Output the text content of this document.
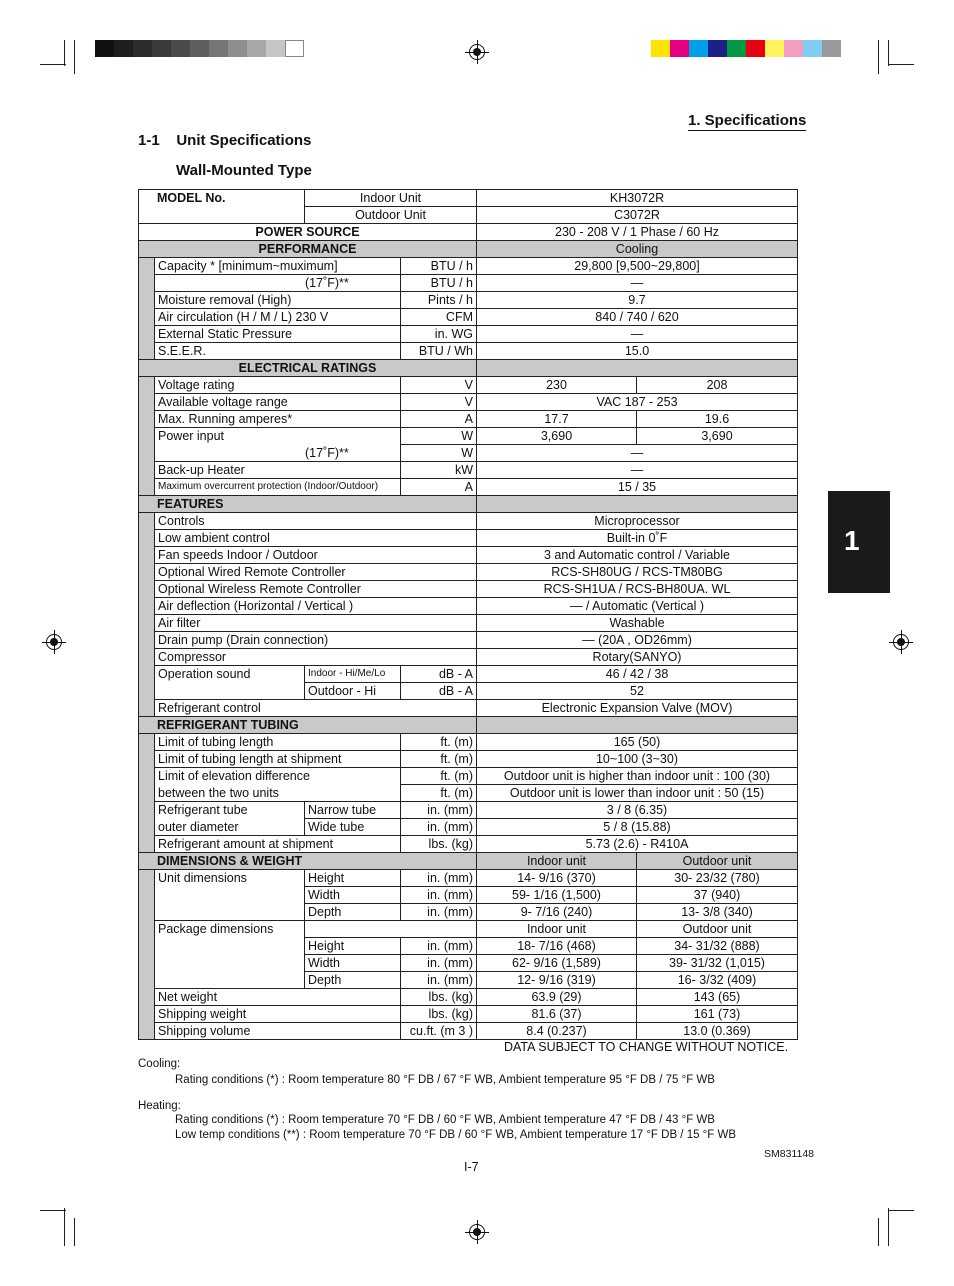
1. Specifications
1-1    Unit Specifications
Wall-Mounted Type
1
MODEL No.		Indoor Unit		KH3072R	
		Outdoor Unit		C3072R	
POWER SOURCE				230 - 208 V / 1 Phase / 60 Hz	
PERFORMANCE				Cooling	
	Capacity * [minimum~muximum]		BTU / h	29,800 [9,500~29,800]	
	(17˚F)**		BTU / h	—	
	Moisture removal (High)		Pints / h	9.7	
	Air circulation (H / M / L) 230 V		CFM	840 / 740 / 620	
	External Static Pressure		in. WG	—	
	S.E.E.R.		BTU / Wh	15.0	
ELECTRICAL RATINGS					
	Voltage rating		V	230	208
	Available voltage range		V	VAC 187 - 253	
	Max. Running amperes*		A	17.7	19.6
	Power input		W	3,690	3,690
	(17˚F)**		W	—	
	Back-up Heater		kW	—	
	Maximum overcurrent protection (Indoor/Outdoor)		A	15 / 35	
FEATURES					
	Controls			Microprocessor	
	Low ambient control			Built-in 0˚F	
	Fan speeds Indoor / Outdoor			3 and Automatic control / Variable	
	Optional Wired Remote Controller			RCS-SH80UG / RCS-TM80BG	
	Optional Wireless Remote Controller			RCS-SH1UA / RCS-BH80UA. WL	
	Air deflection (Horizontal / Vertical )			— / Automatic (Vertical )	
	Air filter			Washable	
	Drain pump (Drain connection)			— (20A , OD26mm)	
	Compressor			Rotary(SANYO)	
	Operation sound	Indoor - Hi/Me/Lo	dB - A	46 / 42 / 38	
		Outdoor - Hi	dB - A	52	
	Refrigerant control			Electronic Expansion Valve (MOV)	
REFRIGERANT TUBING					
	Limit of tubing length		ft. (m)	165 (50)	
	Limit of tubing length at shipment		ft. (m)	10~100 (3~30)	
	Limit of elevation difference		ft. (m)	Outdoor unit is higher than indoor unit : 100 (30)	
	between the two units		ft. (m)	Outdoor unit is lower than indoor unit : 50 (15)	
	Refrigerant tube	Narrow tube	in. (mm)	3 / 8 (6.35)	
	outer diameter	Wide tube	in. (mm)	5 / 8 (15.88)	
	Refrigerant amount at shipment		lbs. (kg)	5.73 (2.6) - R410A	
DIMENSIONS & WEIGHT				Indoor unit	Outdoor unit
	Unit dimensions	Height	in. (mm)	14- 9/16 (370)	30- 23/32 (780)
		Width	in. (mm)	59- 1/16 (1,500)	37 (940)
		Depth	in. (mm)	9- 7/16 (240)	13- 3/8 (340)
	Package dimensions			Indoor unit	Outdoor unit
		Height	in. (mm)	18- 7/16 (468)	34- 31/32 (888)
		Width	in. (mm)	62- 9/16 (1,589)	39- 31/32 (1,015)
		Depth	in. (mm)	12- 9/16 (319)	16- 3/32 (409)
	Net weight		lbs. (kg)	63.9 (29)	143 (65)
	Shipping weight		lbs. (kg)	81.6 (37)	161 (73)
	Shipping volume		cu.ft. (m 3 )	8.4 (0.237)	13.0 (0.369)
DATA SUBJECT TO CHANGE WITHOUT NOTICE.
Cooling:
Rating conditions (*) : Room temperature 80 °F DB / 67 °F WB, Ambient temperature 95 °F DB / 75 °F WB
Heating:
Rating conditions (*) : Room temperature 70 °F DB / 60 °F WB, Ambient temperature 47 °F DB / 43 °F WB
Low temp conditions (**) : Room temperature 70 °F DB / 60 °F WB, Ambient temperature 17 °F DB / 15 °F WB
SM831148
I-7
